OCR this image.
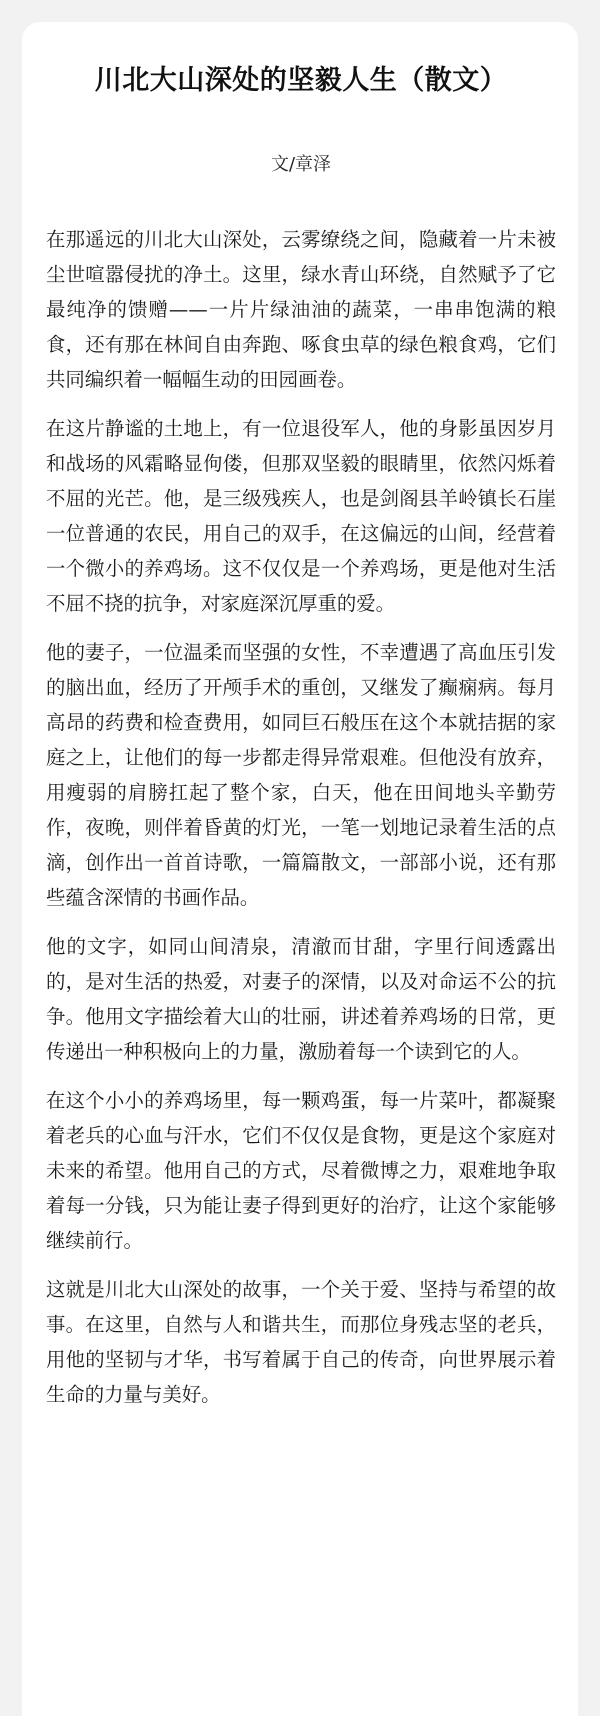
川北大山深处的坚毅人生（散文）

文/章泽

在那遥远的川北大山深处，云雾缭绕之间，隐藏着一片未被尘世喧嚣侵扰的净土。这里，绿水青山环绕，自然赋予了它最纯净的馈赠——一片片绿油油的蔬菜，一串串饱满的粮食，还有那在林间自由奔跑、啄食虫草的绿色粮食鸡，它们共同编织着一幅幅生动的田园画卷。

在这片静谧的土地上，有一位退役军人，他的身影虽因岁月和战场的风霜略显佝偻，但那双坚毅的眼睛里，依然闪烁着不屈的光芒。他，是三级残疾人，也是剑阁县羊岭镇长石崖一位普通的农民，用自己的双手，在这偏远的山间，经营着一个微小的养鸡场。这不仅仅是一个养鸡场，更是他对生活不屈不挠的抗争，对家庭深沉厚重的爱。

他的妻子，一位温柔而坚强的女性，不幸遭遇了高血压引发的脑出血，经历了开颅手术的重创，又继发了癫痫病。每月高昂的药费和检查费用，如同巨石般压在这个本就拮据的家庭之上，让他们的每一步都走得异常艰难。但他没有放弃，用瘦弱的肩膀扛起了整个家，白天，他在田间地头辛勤劳作，夜晚，则伴着昏黄的灯光，一笔一划地记录着生活的点滴，创作出一首首诗歌，一篇篇散文，一部部小说，还有那些蕴含深情的书画作品。

他的文字，如同山间清泉，清澈而甘甜，字里行间透露出的，是对生活的热爱，对妻子的深情，以及对命运不公的抗争。他用文字描绘着大山的壮丽，讲述着养鸡场的日常，更传递出一种积极向上的力量，激励着每一个读到它的人。

在这个小小的养鸡场里，每一颗鸡蛋，每一片菜叶，都凝聚着老兵的心血与汗水，它们不仅仅是食物，更是这个家庭对未来的希望。他用自己的方式，尽着微博之力，艰难地争取着每一分钱，只为能让妻子得到更好的治疗，让这个家能够继续前行。

这就是川北大山深处的故事，一个关于爱、坚持与希望的故事。在这里，自然与人和谐共生，而那位身残志坚的老兵，用他的坚韧与才华，书写着属于自己的传奇，向世界展示着生命的力量与美好。
